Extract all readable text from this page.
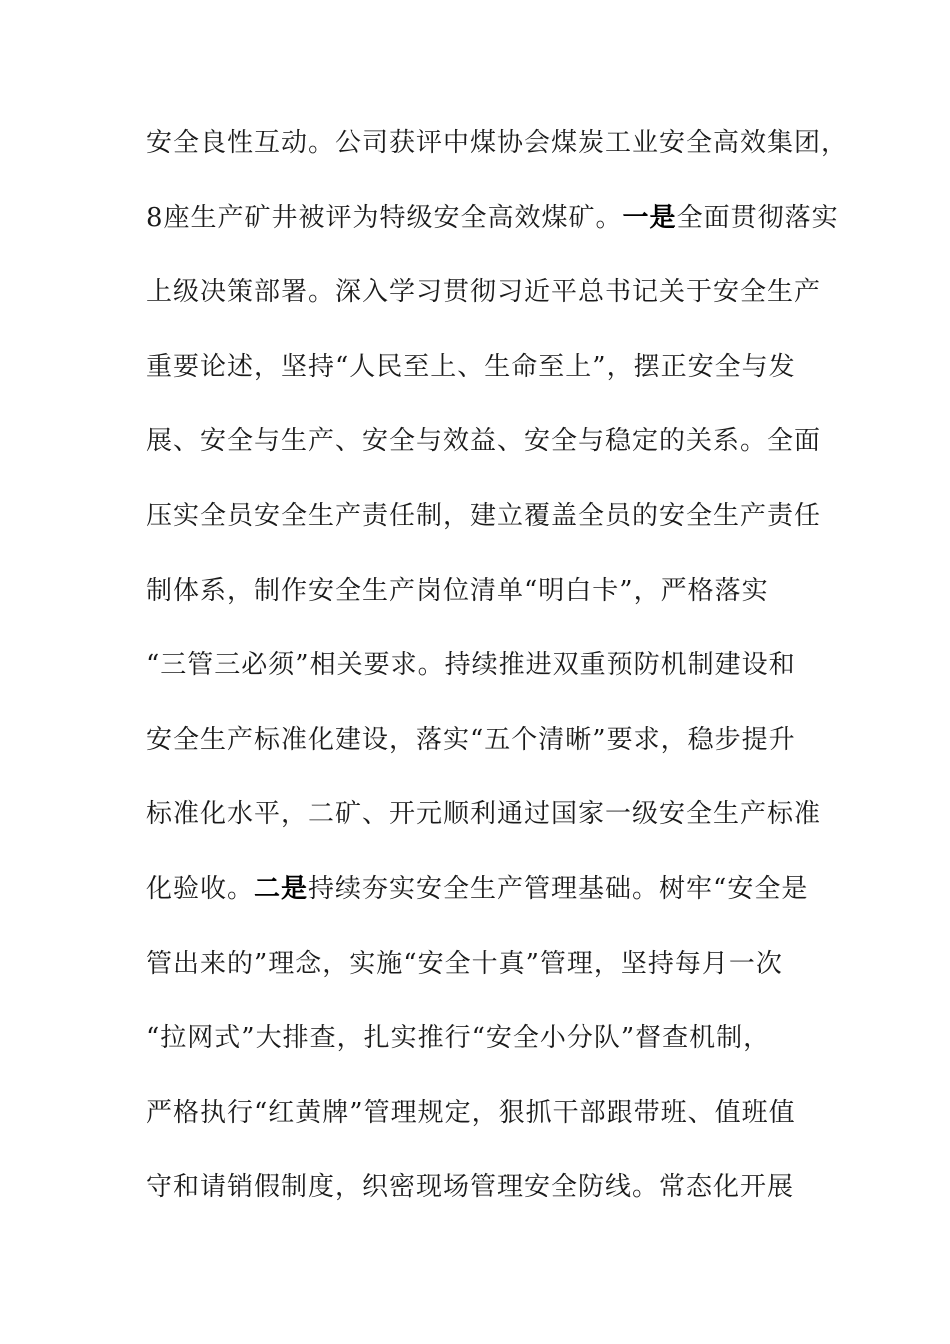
安全良性互动。公司获评中煤协会煤炭工业安全高效集团，
8座生产矿井被评为特级安全高效煤矿。一是全面贯彻落实
上级决策部署。深入学习贯彻习近平总书记关于安全生产
重要论述，坚持“人民至上、生命至上”，摆正安全与发
展、安全与生产、安全与效益、安全与稳定的关系。全面
压实全员安全生产责任制，建立覆盖全员的安全生产责任
制体系，制作安全生产岗位清单“明白卡”，严格落实
“三管三必须”相关要求。持续推进双重预防机制建设和
安全生产标准化建设，落实“五个清晰”要求，稳步提升
标准化水平，二矿、开元顺利通过国家一级安全生产标准
化验收。二是持续夯实安全生产管理基础。树牢“安全是
管出来的”理念，实施“安全十真”管理，坚持每月一次
“拉网式”大排查，扎实推行“安全小分队”督查机制，
严格执行“红黄牌”管理规定，狠抓干部跟带班、值班值
守和请销假制度，织密现场管理安全防线。常态化开展
